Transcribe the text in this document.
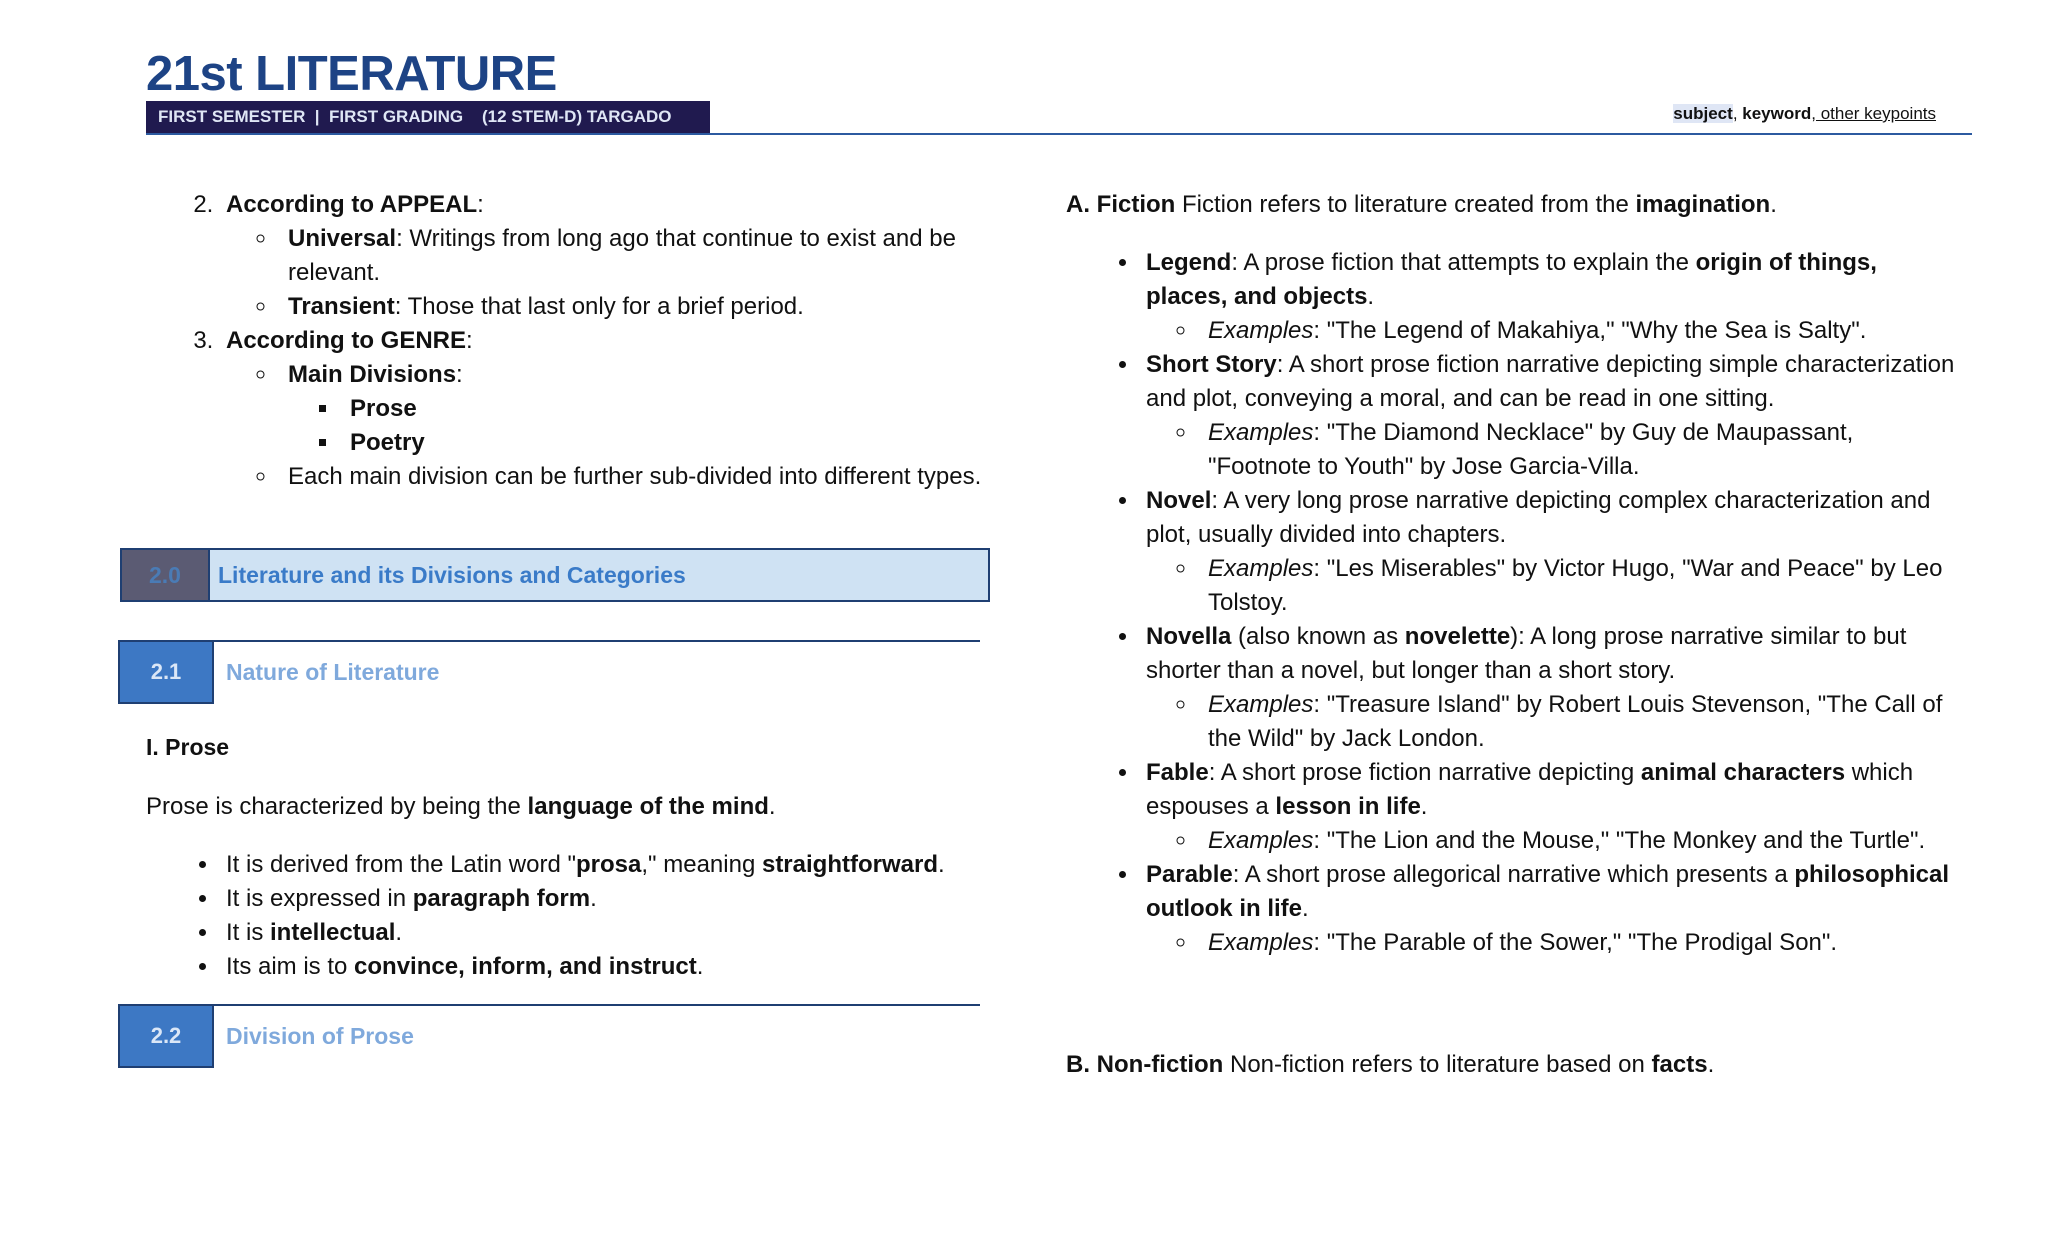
21st LITERATURE
FIRST SEMESTER  |  FIRST GRADING    (12 STEM-D) TARGADO	subject, keyword, other keypoints
2. According to APPEAL:
◦ Universal: Writings from long ago that continue to exist and be relevant.
◦ Transient: Those that last only for a brief period.
3. According to GENRE:
◦ Main Divisions:
▪ Prose
▪ Poetry
◦ Each main division can be further sub-divided into different types.
2.0	Literature and its Divisions and Categories
2.1	Nature of Literature
I. Prose

Prose is characterized by being the language of the mind.

• It is derived from the Latin word "prosa," meaning straightforward.
• It is expressed in paragraph form.
• It is intellectual.
• Its aim is to convince, inform, and instruct.
2.2	Division of Prose

A. Fiction Fiction refers to literature created from the imagination.

• Legend: A prose fiction that attempts to explain the origin of things, places, and objects.
◦ Examples: "The Legend of Makahiya," "Why the Sea is Salty".
• Short Story: A short prose fiction narrative depicting simple characterization and plot, conveying a moral, and can be read in one sitting.
◦ Examples: "The Diamond Necklace" by Guy de Maupassant, "Footnote to Youth" by Jose Garcia-Villa.
• Novel: A very long prose narrative depicting complex characterization and plot, usually divided into chapters.
◦ Examples: "Les Miserables" by Victor Hugo, "War and Peace" by Leo Tolstoy.
• Novella (also known as novelette): A long prose narrative similar to but shorter than a novel, but longer than a short story.
◦ Examples: "Treasure Island" by Robert Louis Stevenson, "The Call of the Wild" by Jack London.
• Fable: A short prose fiction narrative depicting animal characters which espouses a lesson in life.
◦ Examples: "The Lion and the Mouse," "The Monkey and the Turtle".
• Parable: A short prose allegorical narrative which presents a philosophical outlook in life.
◦ Examples: "The Parable of the Sower," "The Prodigal Son".

B. Non-fiction Non-fiction refers to literature based on facts.
